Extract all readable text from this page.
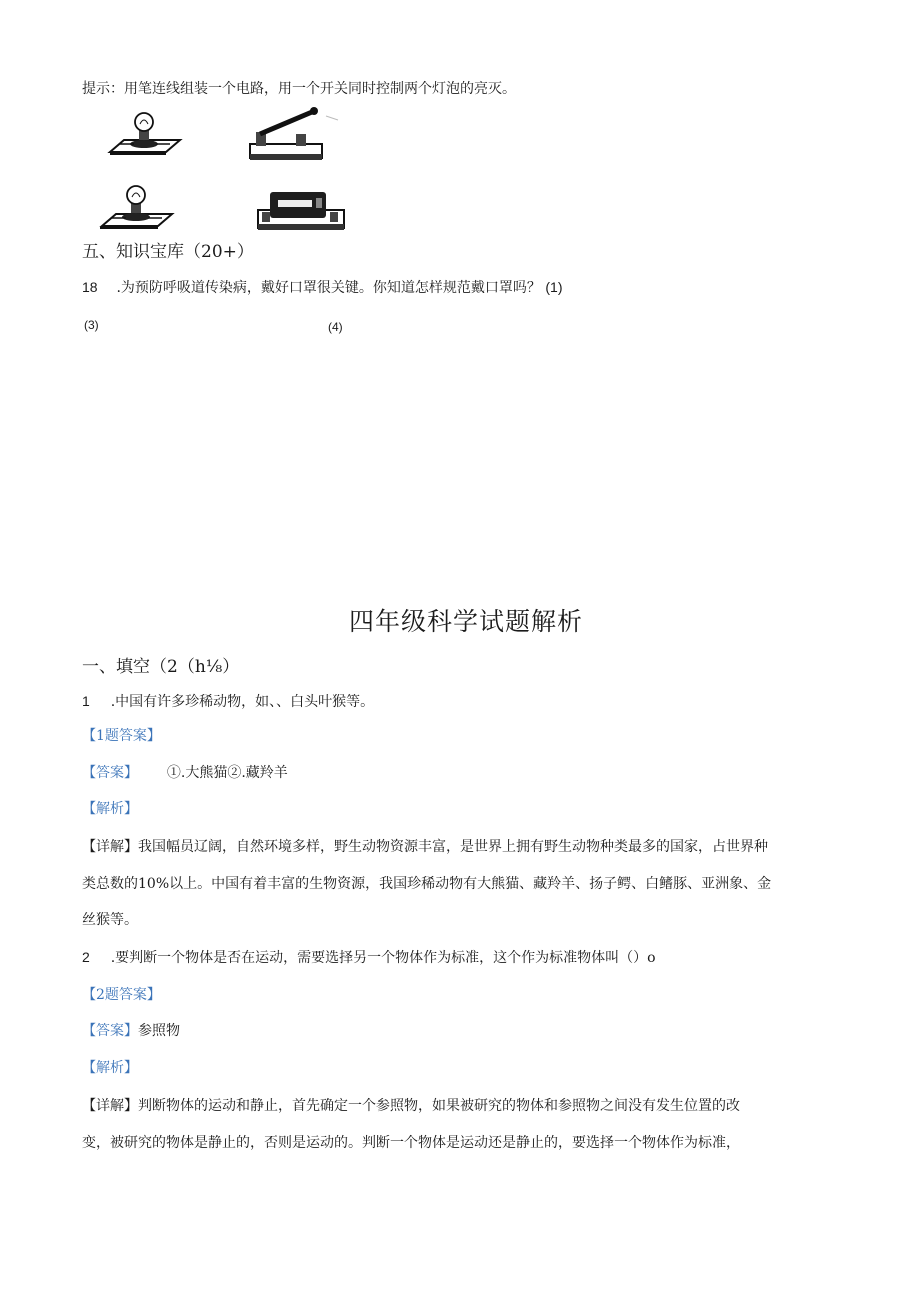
提示：用笔连线组装一个电路，用一个开关同时控制两个灯泡的亮灭。
五、知识宝库（20+）
18 .为预防呼吸道传染病，戴好口罩很关键。你知道怎样规范戴口罩吗？ (1)
(3)	(4)
四年级科学试题解析
一、填空（2（h⅛）
1 .中国有许多珍稀动物，如、、白头叶猴等。
【1题答案】
【答案】 ①.大熊猫②.藏羚羊
【解析】
【详解】我国幅员辽阔，自然环境多样，野生动物资源丰富，是世界上拥有野生动物种类最多的国家，占世界种
类总数的10%以上。中国有着丰富的生物资源，我国珍稀动物有大熊猫、藏羚羊、扬子鳄、白鳍豚、亚洲象、金
丝猴等。
2 .要判断一个物体是否在运动，需要选择另一个物体作为标准，这个作为标准物体叫（）o
【2题答案】
【答案】参照物
【解析】
【详解】判断物体的运动和静止，首先确定一个参照物，如果被研究的物体和参照物之间没有发生位置的改
变，被研究的物体是静止的，否则是运动的。判断一个物体是运动还是静止的，要选择一个物体作为标准，
